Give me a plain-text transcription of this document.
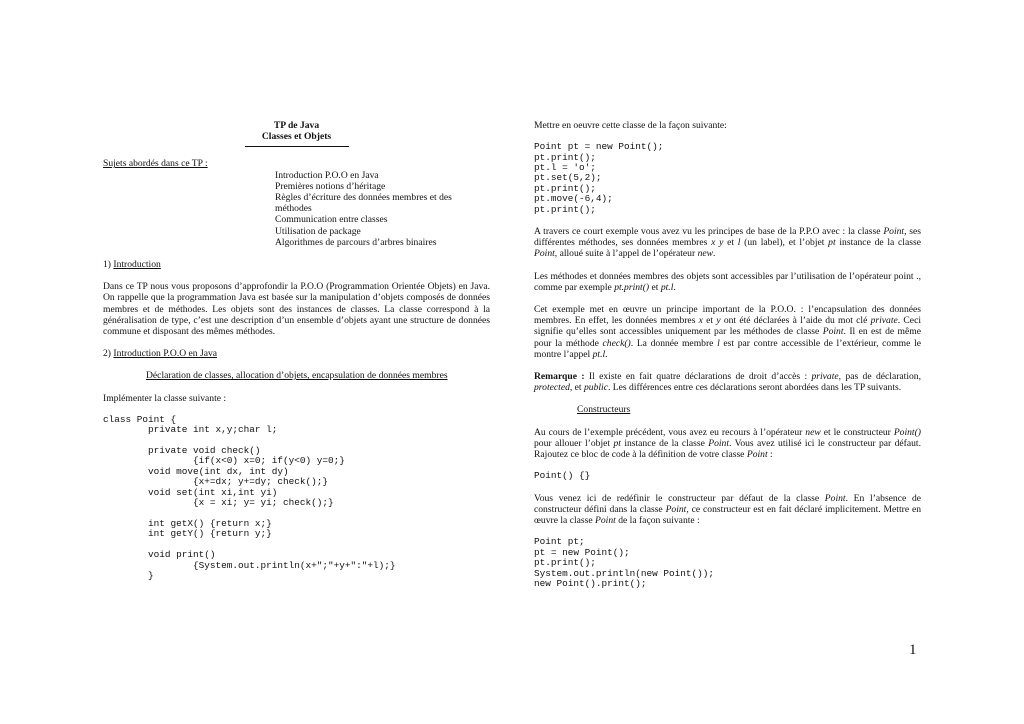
TP de Java

Classes et Objets

Sujets abordés dans ce TP :

Introduction P.O.O en Java
Premières notions d’héritage
Règles d’écriture des données membres et des méthodes
Communication entre classes
Utilisation de package
Algorithmes de parcours d’arbres binaires

1) Introduction

Dans ce TP nous vous proposons d’approfondir la P.O.O (Programmation Orientée Objets) en Java. On rappelle que la programmation Java est basée sur la manipulation d’objets composés de données membres et de méthodes. Les objets sont des instances de classes. La classe correspond à la généralisation de type, c’est une description d’un ensemble d’objets ayant une structure de données commune et disposant des mêmes méthodes.

2) Introduction P.O.O en Java

Déclaration de classes, allocation d’objets, encapsulation de données membres

Implémenter la classe suivante :

class Point {
private int x,y;char l;

private void check()
{if(x<0) x=0; if(y<0) y=0;}
void move(int dx, int dy)
{x+=dx; y+=dy; check();}
void set(int xi,int yi)
{x = xi; y= yi; check();}

int getX() {return x;}
int getY() {return y;}

void print()
{System.out.println(x+";"+y+":"+l);}
}

Mettre en oeuvre cette classe de la façon suivante:

Point pt = new Point();
pt.print();
pt.l = 'o';
pt.set(5,2);
pt.print();
pt.move(-6,4);
pt.print();

A travers ce court exemple vous avez vu les principes de base de la P.P.O avec : la classe Point, ses différentes méthodes, ses données membres x y et l (un label), et l’objet pt instance de la classe Point, alloué suite à l’appel de l’opérateur new.

Les méthodes et données membres des objets sont accessibles par l’utilisation de l’opérateur point ., comme par exemple pt.print() et pt.l.

Cet exemple met en œuvre un principe important de la P.O.O. : l’encapsulation des données membres. En effet, les données membres x et y ont été déclarées à l’aide du mot clé private. Ceci signifie qu’elles sont accessibles uniquement par les méthodes de classe Point. Il en est de même pour la méthode check(). La donnée membre l est par contre accessible de l’extérieur, comme le montre l’appel pt.l.

Remarque : Il existe en fait quatre déclarations de droit d’accès : private, pas de déclaration, protected, et public. Les différences entre ces déclarations seront abordées dans les TP suivants.

Constructeurs

Au cours de l’exemple précédent, vous avez eu recours à l’opérateur new et le constructeur Point() pour allouer l’objet pt instance de la classe Point. Vous avez utilisé ici le constructeur par défaut. Rajoutez ce bloc de code à la définition de votre classe Point :

Point() {}

Vous venez ici de redéfinir le constructeur par défaut de la classe Point. En l’absence de constructeur défini dans la classe Point, ce constructeur est en fait déclaré implicitement. Mettre en œuvre la classe Point de la façon suivante :

Point pt;
pt = new Point();
pt.print();
System.out.println(new Point());
new Point().print();
1
